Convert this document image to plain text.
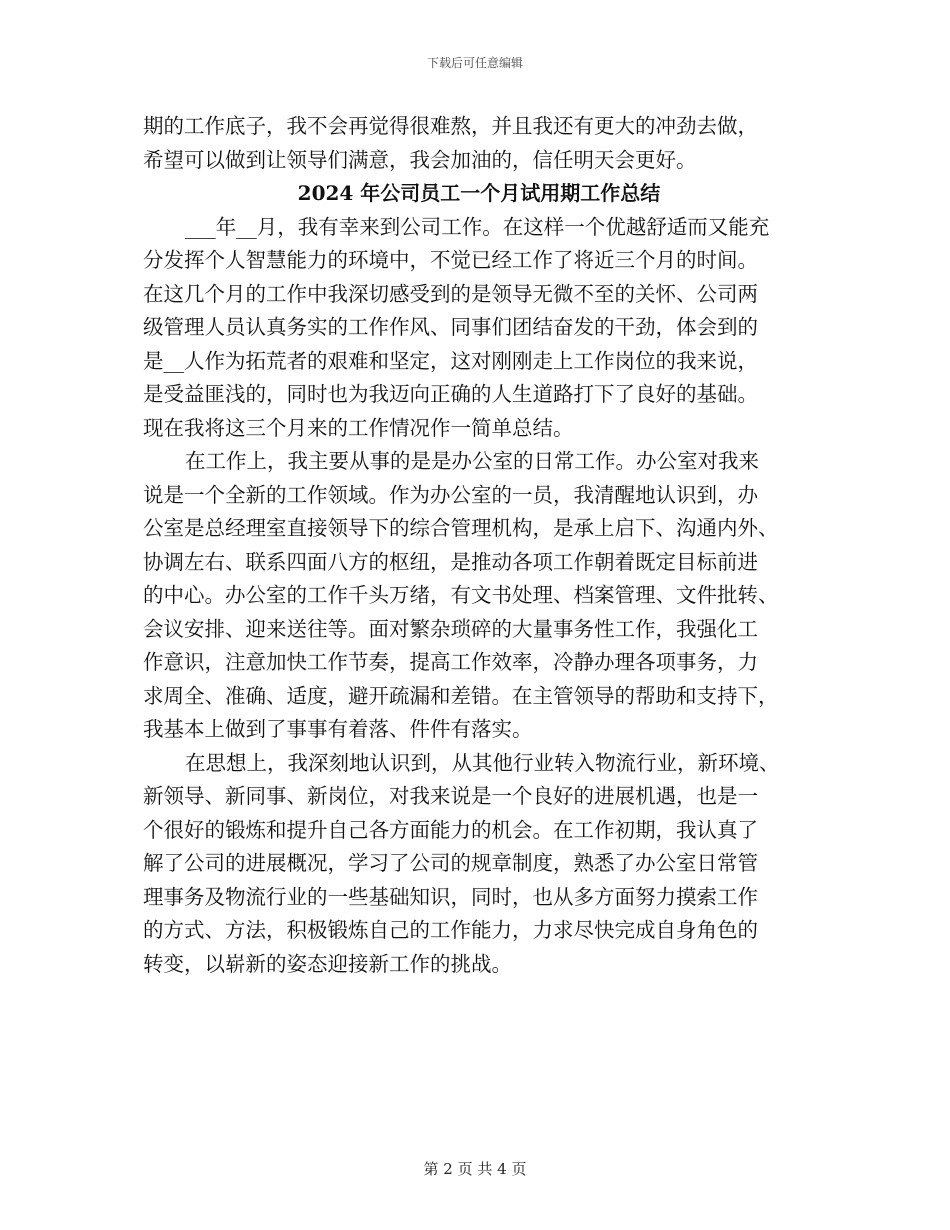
下载后可任意编辑
期的工作底子，我不会再觉得很难熬，并且我还有更大的冲劲去做，
希望可以做到让领导们满意，我会加油的，信任明天会更好。
2024 年公司员工一个月试用期工作总结
___年__月，我有幸来到公司工作。在这样一个优越舒适而又能充
分发挥个人智慧能力的环境中，不觉已经工作了将近三个月的时间。
在这几个月的工作中我深切感受到的是领导无微不至的关怀、公司两
级管理人员认真务实的工作作风、同事们团结奋发的干劲，体会到的
是__人作为拓荒者的艰难和坚定，这对刚刚走上工作岗位的我来说，
是受益匪浅的，同时也为我迈向正确的人生道路打下了良好的基础。
现在我将这三个月来的工作情况作一简单总结。
在工作上，我主要从事的是是办公室的日常工作。办公室对我来
说是一个全新的工作领域。作为办公室的一员，我清醒地认识到，办
公室是总经理室直接领导下的综合管理机构，是承上启下、沟通内外、
协调左右、联系四面八方的枢纽，是推动各项工作朝着既定目标前进
的中心。办公室的工作千头万绪，有文书处理、档案管理、文件批转、
会议安排、迎来送往等。面对繁杂琐碎的大量事务性工作，我强化工
作意识，注意加快工作节奏，提高工作效率，冷静办理各项事务，力
求周全、准确、适度，避开疏漏和差错。在主管领导的帮助和支持下，
我基本上做到了事事有着落、件件有落实。
在思想上，我深刻地认识到，从其他行业转入物流行业，新环境、
新领导、新同事、新岗位，对我来说是一个良好的进展机遇，也是一
个很好的锻炼和提升自己各方面能力的机会。在工作初期，我认真了
解了公司的进展概况，学习了公司的规章制度，熟悉了办公室日常管
理事务及物流行业的一些基础知识，同时，也从多方面努力摸索工作
的方式、方法，积极锻炼自己的工作能力，力求尽快完成自身角色的
转变，以崭新的姿态迎接新工作的挑战。
第 2 页 共 4 页
